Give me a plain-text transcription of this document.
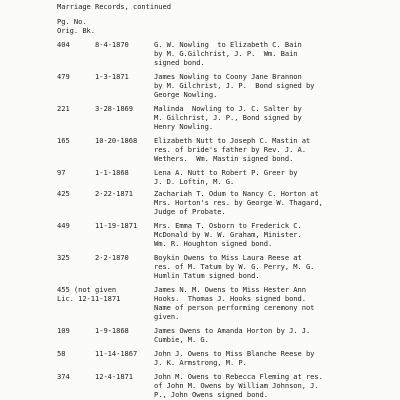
Marriage Records, continued

Pg. No.

Orig. Bk.

404	8-4-1870	G. W. Nowling  to Elizabeth C. Bain

by M. G.Gilchrist, J. P.  Wm. Bain

signed bond.

479	1-3-1871	James Nowling to Coony Jane Brannon

by M. Gilchrist, J. P.  Bond signed by

George Nowling.

221	3-28-1869	Malinda  Nowling to J. C. Salter by

M. Gilchrist, J. P., Bond signed by

Henry Nowling.

165	10-20-1868 Elizabeth Nutt to Joseph C. Mastin at

res. of bride's father by Rev. J. A.

Wethers.  Wm. Mastin signed bond.

97	1-1-1868	Lena A. Nutt to Robert P. Greer by

J. D. Loftin, M. G.

425	2-22-1871	Zachariah T. Odum to Nancy C. Horton at

Mrs. Horton's res. by George W. Thagard,

Judge of Probate.

449	11-19-1871 Mrs. Emma T. Osborn to Frederick C.

McDonald by W. W. Graham, Minister.

Wm. R. Houghton signed bond.

325	2-2-1870	Boykin Owens to Miss Laura Reese at

res. of M. Tatum by W. G. Perry, M. G.

Humlin Tatum signed bond.

455 (not given

Lic. 12-11-1871

James N. M. Owens to Miss Hester Ann

Hooks.  Thomas J. Hooks signed bond.

Name of person performing ceremony not

given.

109	1-9-1868	James Owens to Amanda Horton by J. J.

Cumbie, M. G.

58	11-14-1867 John J. Owens to Miss Blanche Reese by

J. K. Armstrong, M. P.

374	12-4-1871	John M. Owens to Rebecca Fleming at res.

of John M. Owens by William Johnson, J.

P., John Owens signed bond.
